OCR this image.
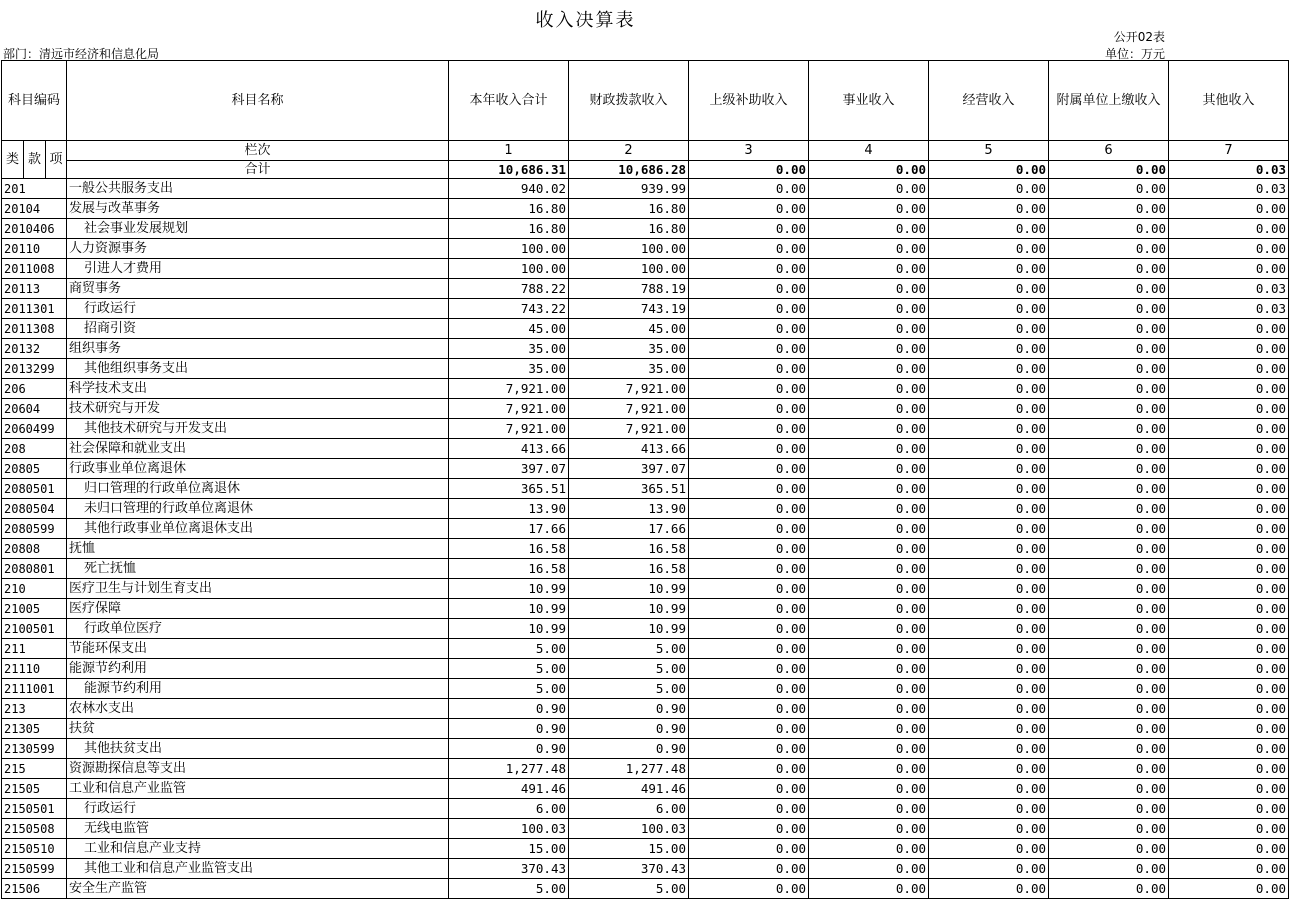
收入决算表
公开02表
部门：清远市经济和信息化局	单位：万元
科目编码			科目名称	本年收入合计	财政拨款收入	上级补助收入	事业收入	经营收入	附属单位上缴收入	其他收入
类	款	项	栏次	1	2	3	4	5	6	7
			合计	10,686.31	10,686.28	0.00	0.00	0.00	0.00	0.03
201			一般公共服务支出	940.02	939.99	0.00	0.00	0.00	0.00	0.03
20104			发展与改革事务	16.80	16.80	0.00	0.00	0.00	0.00	0.00
2010406			社会事业发展规划	16.80	16.80	0.00	0.00	0.00	0.00	0.00
20110			人力资源事务	100.00	100.00	0.00	0.00	0.00	0.00	0.00
2011008			引进人才费用	100.00	100.00	0.00	0.00	0.00	0.00	0.00
20113			商贸事务	788.22	788.19	0.00	0.00	0.00	0.00	0.03
2011301			行政运行	743.22	743.19	0.00	0.00	0.00	0.00	0.03
2011308			招商引资	45.00	45.00	0.00	0.00	0.00	0.00	0.00
20132			组织事务	35.00	35.00	0.00	0.00	0.00	0.00	0.00
2013299			其他组织事务支出	35.00	35.00	0.00	0.00	0.00	0.00	0.00
206			科学技术支出	7,921.00	7,921.00	0.00	0.00	0.00	0.00	0.00
20604			技术研究与开发	7,921.00	7,921.00	0.00	0.00	0.00	0.00	0.00
2060499			其他技术研究与开发支出	7,921.00	7,921.00	0.00	0.00	0.00	0.00	0.00
208			社会保障和就业支出	413.66	413.66	0.00	0.00	0.00	0.00	0.00
20805			行政事业单位离退休	397.07	397.07	0.00	0.00	0.00	0.00	0.00
2080501			归口管理的行政单位离退休	365.51	365.51	0.00	0.00	0.00	0.00	0.00
2080504			未归口管理的行政单位离退休	13.90	13.90	0.00	0.00	0.00	0.00	0.00
2080599			其他行政事业单位离退休支出	17.66	17.66	0.00	0.00	0.00	0.00	0.00
20808			抚恤	16.58	16.58	0.00	0.00	0.00	0.00	0.00
2080801			死亡抚恤	16.58	16.58	0.00	0.00	0.00	0.00	0.00
210			医疗卫生与计划生育支出	10.99	10.99	0.00	0.00	0.00	0.00	0.00
21005			医疗保障	10.99	10.99	0.00	0.00	0.00	0.00	0.00
2100501			行政单位医疗	10.99	10.99	0.00	0.00	0.00	0.00	0.00
211			节能环保支出	5.00	5.00	0.00	0.00	0.00	0.00	0.00
21110			能源节约利用	5.00	5.00	0.00	0.00	0.00	0.00	0.00
2111001			能源节约利用	5.00	5.00	0.00	0.00	0.00	0.00	0.00
213			农林水支出	0.90	0.90	0.00	0.00	0.00	0.00	0.00
21305			扶贫	0.90	0.90	0.00	0.00	0.00	0.00	0.00
2130599			其他扶贫支出	0.90	0.90	0.00	0.00	0.00	0.00	0.00
215			资源勘探信息等支出	1,277.48	1,277.48	0.00	0.00	0.00	0.00	0.00
21505			工业和信息产业监管	491.46	491.46	0.00	0.00	0.00	0.00	0.00
2150501			行政运行	6.00	6.00	0.00	0.00	0.00	0.00	0.00
2150508			无线电监管	100.03	100.03	0.00	0.00	0.00	0.00	0.00
2150510			工业和信息产业支持	15.00	15.00	0.00	0.00	0.00	0.00	0.00
2150599			其他工业和信息产业监管支出	370.43	370.43	0.00	0.00	0.00	0.00	0.00
21506			安全生产监管	5.00	5.00	0.00	0.00	0.00	0.00	0.00
